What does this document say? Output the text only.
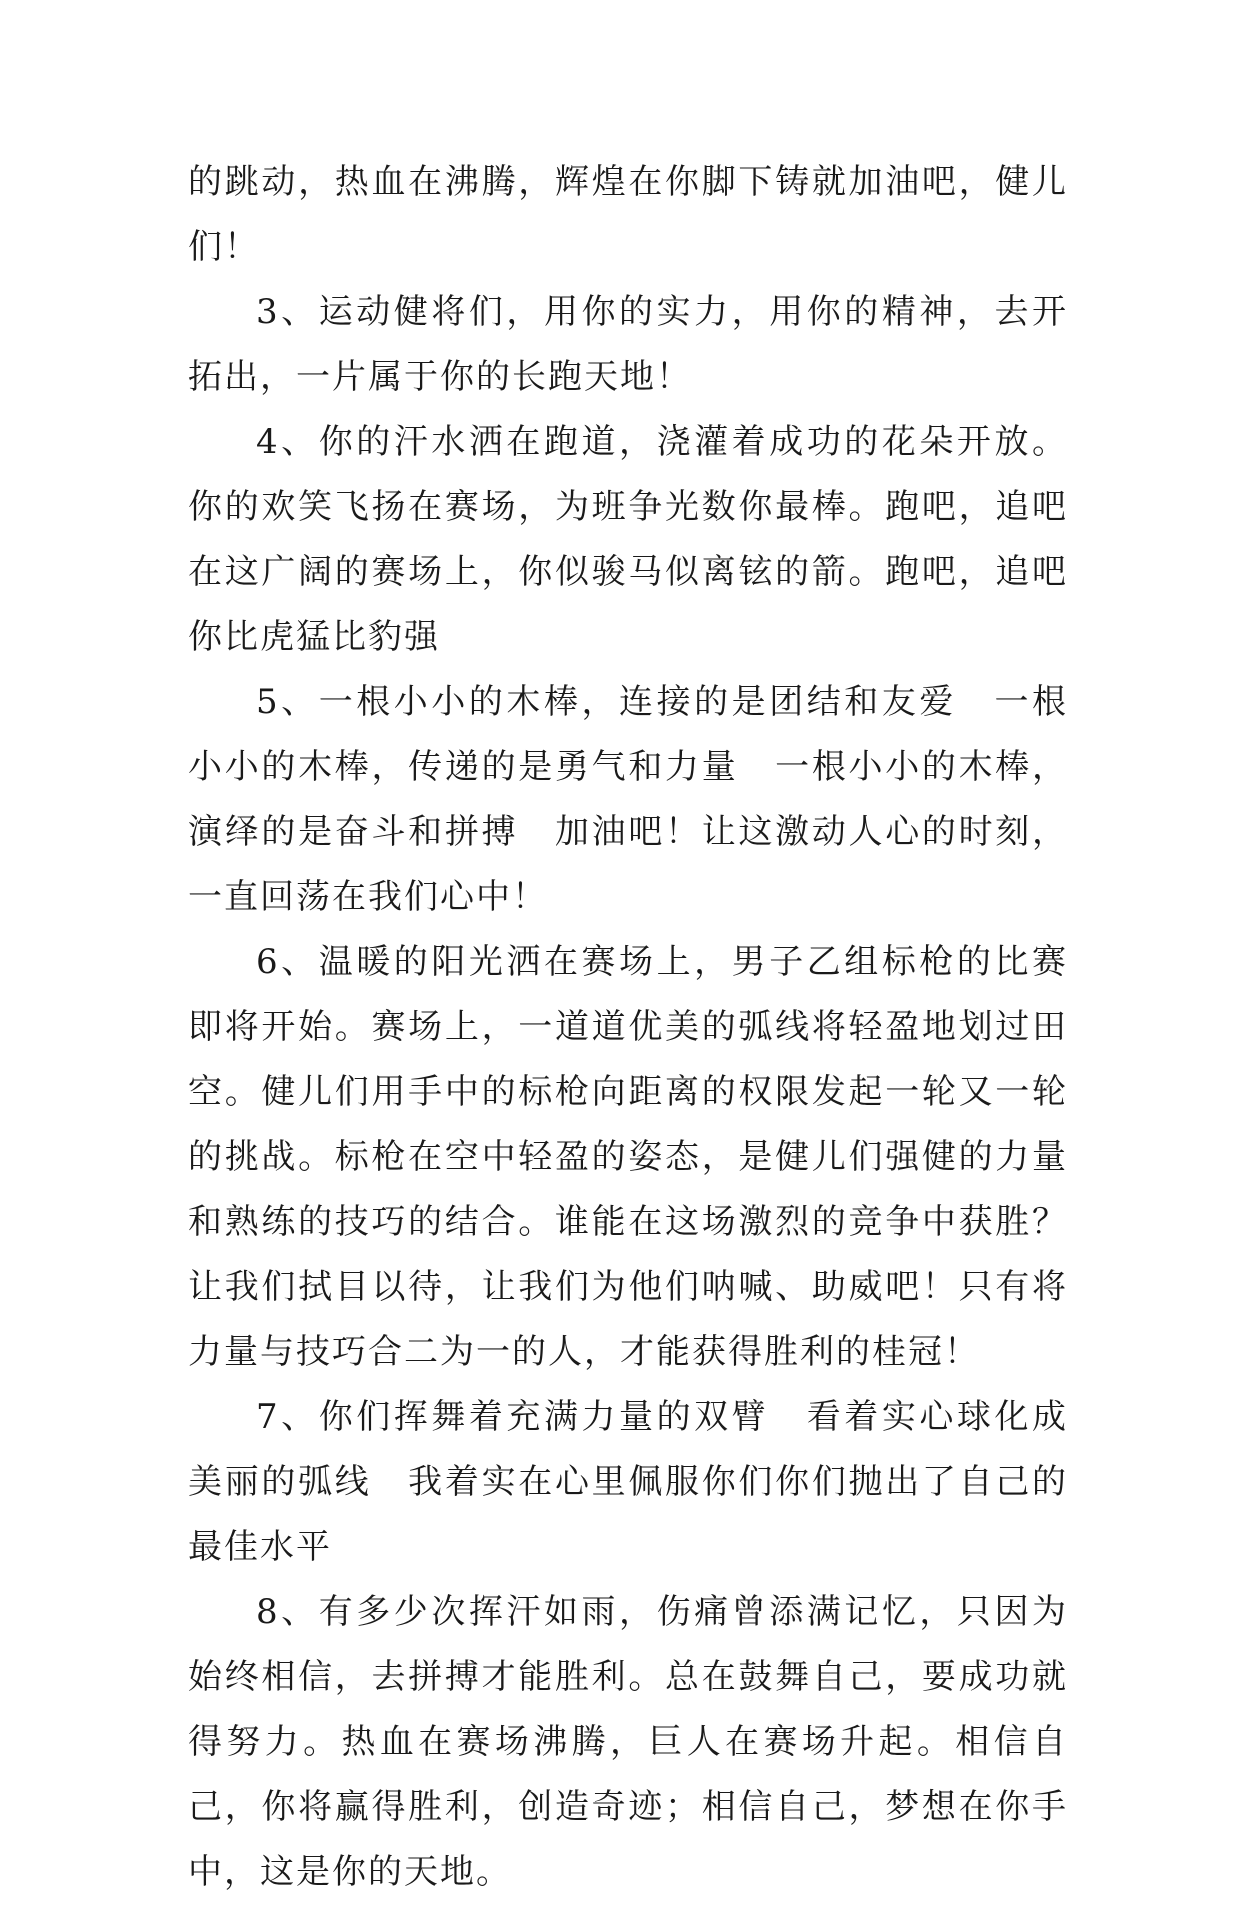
的跳动，热血在沸腾，辉煌在你脚下铸就加油吧，健儿们！

3、运动健将们，用你的实力，用你的精神，去开拓出，一片属于你的长跑天地！

4、你的汗水洒在跑道，浇灌着成功的花朵开放。你的欢笑飞扬在赛场，为班争光数你最棒。跑吧，追吧　在这广阔的赛场上，你似骏马似离铉的箭。跑吧，追吧你比虎猛比豹强

5、一根小小的木棒，连接的是团结和友爱　一根小小的木棒，传递的是勇气和力量　一根小小的木棒，演绎的是奋斗和拼搏　加油吧！让这激动人心的时刻，一直回荡在我们心中！

6、温暖的阳光洒在赛场上，男子乙组标枪的比赛即将开始。赛场上，一道道优美的弧线将轻盈地划过田空。健儿们用手中的标枪向距离的权限发起一轮又一轮的挑战。标枪在空中轻盈的姿态，是健儿们强健的力量和熟练的技巧的结合。谁能在这场激烈的竞争中获胜？让我们拭目以待，让我们为他们呐喊、助威吧！只有将力量与技巧合二为一的人，才能获得胜利的桂冠！

7、你们挥舞着充满力量的双臂　看着实心球化成美丽的弧线　我着实在心里佩服你们你们抛出了自己的最佳水平

8、有多少次挥汗如雨，伤痛曾添满记忆，只因为始终相信，去拼搏才能胜利。总在鼓舞自己，要成功就得努力。热血在赛场沸腾，巨人在赛场升起。相信自己，你将赢得胜利，创造奇迹；相信自己，梦想在你手中，这是你的天地。
